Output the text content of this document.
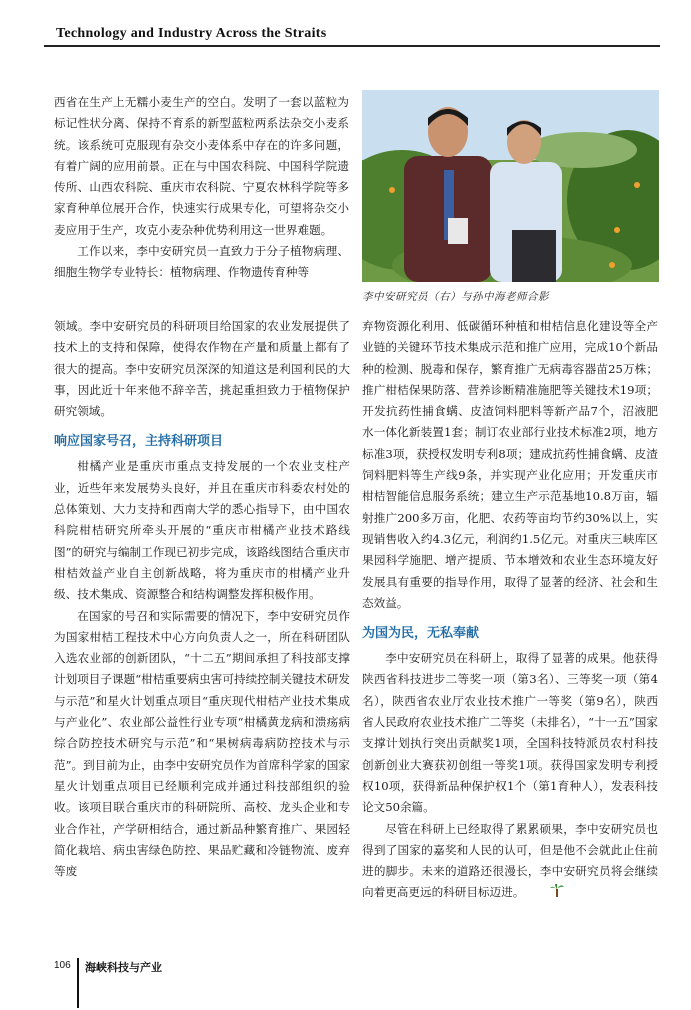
Technology and Industry Across the Straits

西省在生产上无糯小麦生产的空白。发明了一套以蓝粒为标记性状分离、保持不育系的新型蓝粒两系法杂交小麦系统。该系统可克服现有杂交小麦体系中存在的许多问题，有着广阔的应用前景。正在与中国农科院、中国科学院遗传所、山西农科院、重庆市农科院、宁夏农林科学院等多家育种单位展开合作，快速实行成果专化，可望将杂交小麦应用于生产，攻克小麦杂种优势利用这一世界难题。

工作以来，李中安研究员一直致力于分子植物病理、细胞生物学专业特长：植物病理、作物遗传育种等

李中安研究员（右）与孙中海老师合影

领域。李中安研究员的科研项目给国家的农业发展提供了技术上的支持和保障，使得农作物在产量和质量上都有了很大的提高。李中安研究员深深的知道这是利国利民的大事，因此近十年来他不辞辛苦，挑起重担致力于植物保护研究领域。

响应国家号召，主持科研项目

柑橘产业是重庆市重点支持发展的一个农业支柱产业，近些年来发展势头良好，并且在重庆市科委农村处的总体策划、大力支持和西南大学的悉心指导下，由中国农科院柑桔研究所牵头开展的“重庆市柑橘产业技术路线图”的研究与编制工作现已初步完成，该路线图结合重庆市柑桔效益产业自主创新战略，将为重庆市的柑橘产业升级、技术集成、资源整合和结构调整发挥积极作用。

在国家的号召和实际需要的情况下，李中安研究员作为国家柑桔工程技术中心方向负责人之一，所在科研团队入选农业部的创新团队，“十二五”期间承担了科技部支撑计划项目子课题“柑桔重要病虫害可持续控制关键技术研发与示范”和星火计划重点项目“重庆现代柑桔产业技术集成与产业化”、农业部公益性行业专项“柑橘黄龙病和溃疡病综合防控技术研究与示范”和“果树病毒病防控技术与示范”。到目前为止，由李中安研究员作为首席科学家的国家星火计划重点项目已经顺利完成并通过科技部组织的验收。该项目联合重庆市的科研院所、高校、龙头企业和专业合作社，产学研相结合，通过新品种繁育推广、果园轻简化栽培、病虫害绿色防控、果品贮藏和冷链物流、废弃等废

弃物资源化利用、低碳循环种植和柑桔信息化建设等全产业链的关键环节技术集成示范和推广应用，完成10个新品种的检测、脱毒和保存，繁育推广无病毒容器苗25万株；推广柑桔保果防落、营养诊断精准施肥等关键技术19项；开发抗药性捕食螨、皮渣饲料肥料等新产品7个，沼液肥水一体化新装置1套；制订农业部行业技术标准2项，地方标准3项，获授权发明专利8项；建成抗药性捕食螨、皮渣饲料肥料等生产线9条，并实现产业化应用；开发重庆市柑桔智能信息服务系统；建立生产示范基地10.8万亩，辐射推广200多万亩，化肥、农药等亩均节约30%以上，实现销售收入约4.3亿元，利润约1.5亿元。对重庆三峡库区果园科学施肥、增产提质、节本增效和农业生态环境友好发展具有重要的指导作用，取得了显著的经济、社会和生态效益。

为国为民，无私奉献

李中安研究员在科研上，取得了显著的成果。他获得陕西省科技进步二等奖一项（第3名）、三等奖一项（第4名），陕西省农业厅农业技术推广一等奖（第9名），陕西省人民政府农业技术推广二等奖（未排名），“十一五”国家支撑计划执行突出贡献奖1项，全国科技特派员农村科技创新创业大赛获初创组一等奖1项。获得国家发明专利授权10项，获得新品种保护权1个（第1育种人），发表科技论文50余篇。

尽管在科研上已经取得了累累硕果，李中安研究员也得到了国家的嘉奖和人民的认可，但是他不会就此止住前进的脚步。未来的道路还很漫长，李中安研究员将会继续向着更高更远的科研目标迈进。

106 海峡科技与产业
